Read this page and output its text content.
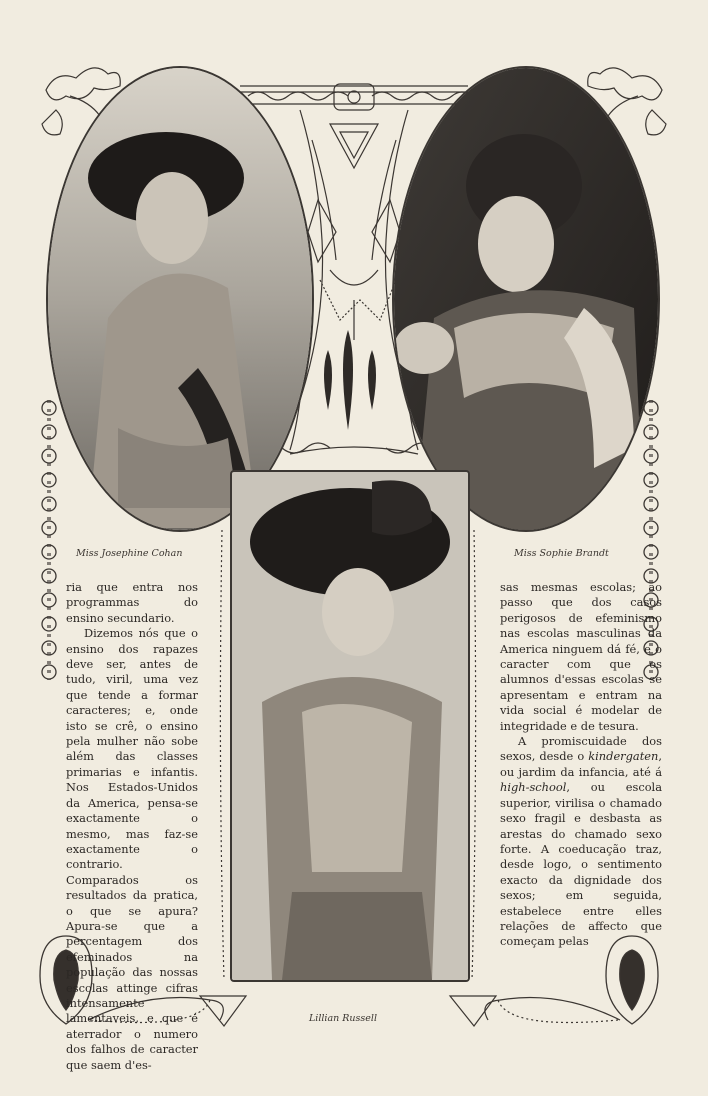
Miss Josephine Cohan	Miss Sophie Brandt
Lillian Russell

ria que entra nos programmas do ensino secundario.

Dizemos nós que o ensino dos rapazes deve ser, antes de tudo, viril, uma vez que tende a formar caracteres; e, onde isto se crê, o ensino pela mulher não sobe além das classes primarias e infantis. Nos Estados-Unidos da America, pensa-se exactamente o mesmo, mas faz-se exactamente o contrario. Comparados os resultados da pratica, o que se apura? Apura-se que a percentagem dos efeminados na população das nossas escolas attinge cifras intensamente lamentaveis, e que é aterrador o numero dos falhos de caracter que saem d'es-

sas mesmas escolas; ao passo que dos casos perigosos de efeminismo nas escolas masculinas da America ninguem dá fé, e o caracter com que os alumnos d'essas escolas se apresentam e entram na vida social é modelar de integridade e de tesura.

A promiscuidade dos sexos, desde o kindergaten, ou jardim da infancia, até á high-school, ou escola superior, virilisa o chamado sexo fragil e desbasta as arestas do chamado sexo forte. A coeducação traz, desde logo, o sentimento exacto da dignidade dos sexos; em seguida, estabelece entre elles relações de affecto que começam pelas
